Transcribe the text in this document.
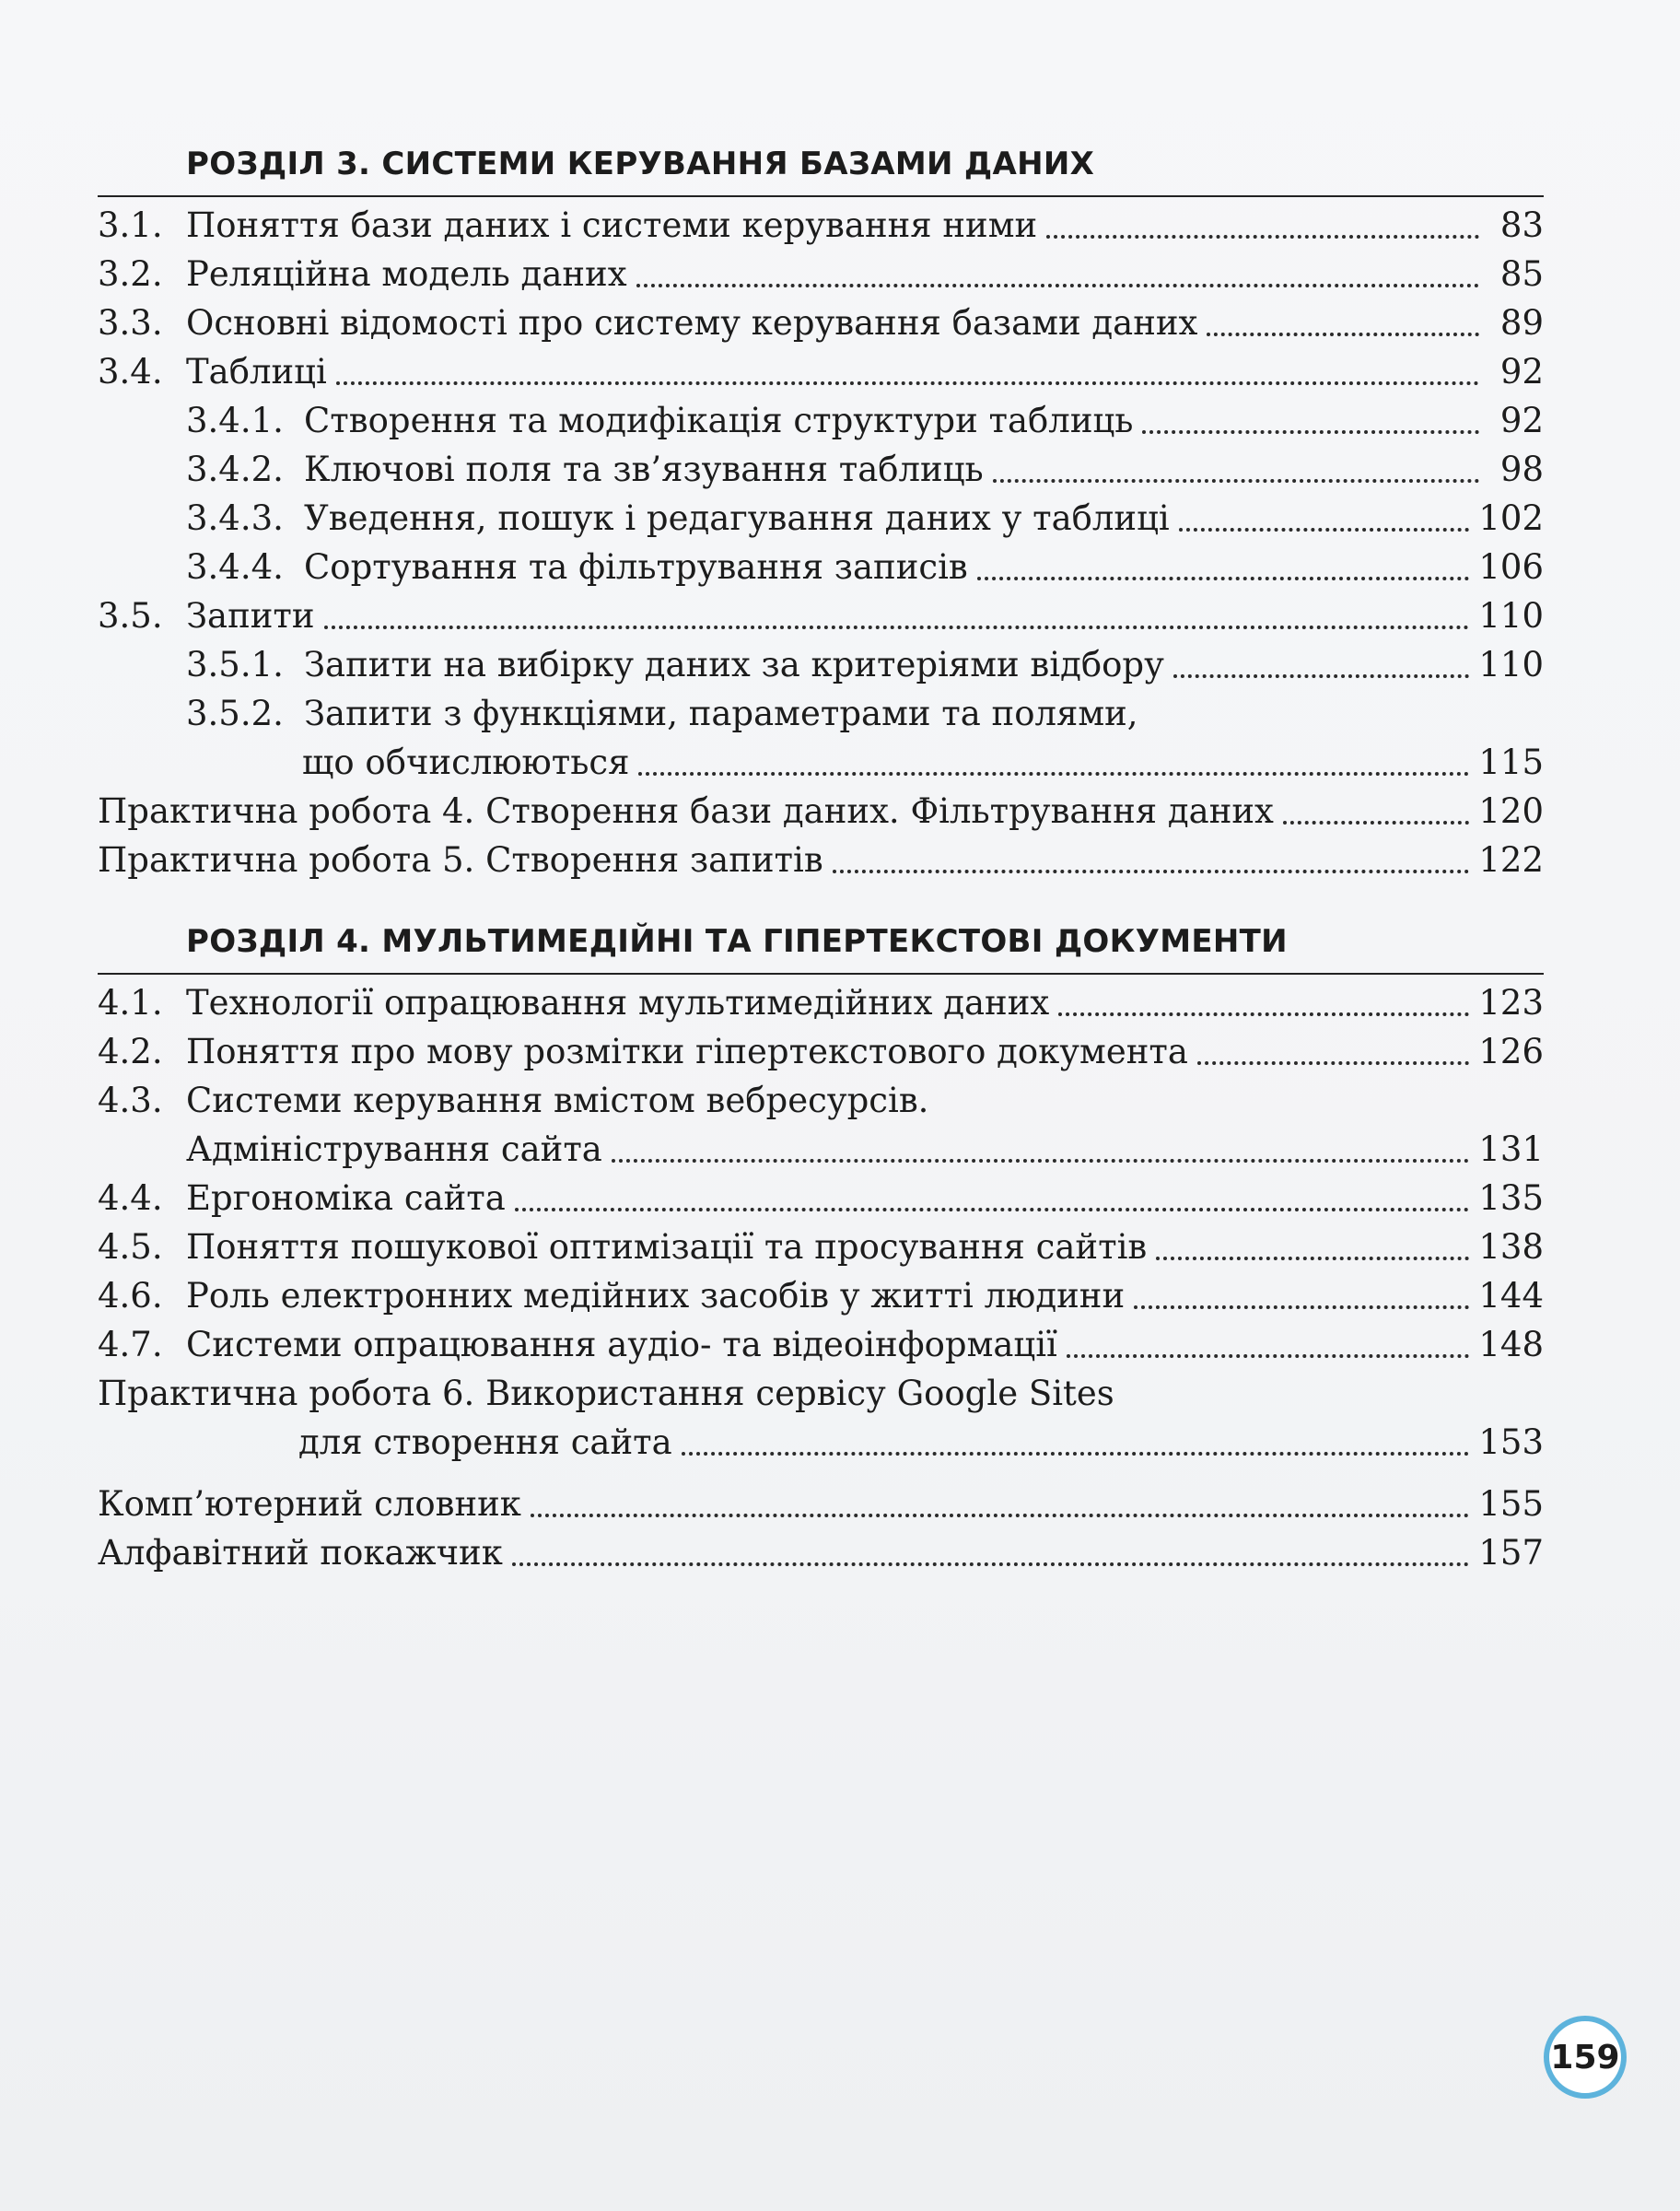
РОЗДІЛ 3. СИСТЕМИ КЕРУВАННЯ БАЗАМИ ДАНИХ
3.1. Поняття бази даних і системи керування ними	83
3.2. Реляційна модель даних	85
3.3. Основні відомості про систему керування базами даних	89
3.4. Таблиці	92
3.4.1. Створення та модифікація структури таблиць	92
3.4.2. Ключові поля та зв’язування таблиць	98
3.4.3. Уведення, пошук і редагування даних у таблиці	102
3.4.4. Сортування та фільтрування записів	106
3.5. Запити	110
3.5.1. Запити на вибірку даних за критеріями відбору	110
3.5.2. Запити з функціями, параметрами та полями,
що обчислюються	115
Практична робота 4. Створення бази даних. Фільтрування даних	120
Практична робота 5. Створення запитів	122
РОЗДІЛ 4. МУЛЬТИМЕДІЙНІ ТА ГІПЕРТЕКСТОВІ ДОКУМЕНТИ
4.1. Технології опрацювання мультимедійних даних	123
4.2. Поняття про мову розмітки гіпертекстового документа	126
4.3. Системи керування вмістом вебресурсів.
Адміністрування сайта	131
4.4. Ергономіка сайта	135
4.5. Поняття пошукової оптимізації та просування сайтів	138
4.6. Роль електронних медійних засобів у житті людини	144
4.7. Системи опрацювання аудіо- та відеоінформації	148
Практична робота 6. Використання сервісу Google Sites
для створення сайта	153
Комп’ютерний словник	155
Алфавітний покажчик	157
159
